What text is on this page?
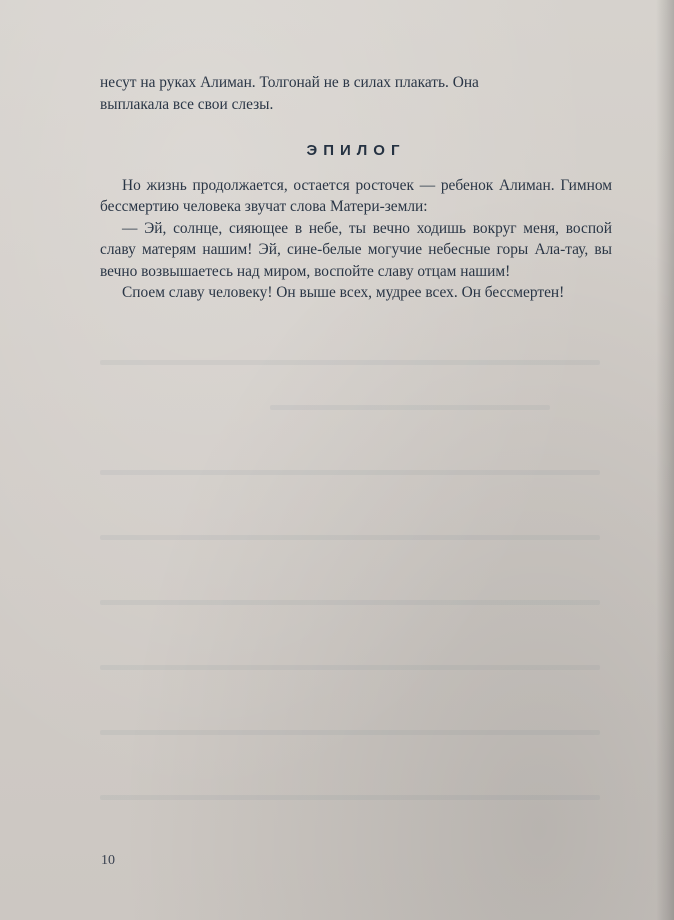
несут на руках Алиман. Толгонай не в силах плакать. Она
выплакала все свои слезы.

ЭПИЛОГ

Но жизнь продолжается, остается росточек — ребенок Алиман. Гимном бессмертию человека звучат слова Матери-земли:

— Эй, солнце, сияющее в небе, ты вечно ходишь вокруг меня, воспой славу матерям нашим! Эй, сине-белые могучие небесные горы Ала-тау, вы вечно возвышаетесь над миром, воспойте славу отцам нашим!

Споем славу человеку! Он выше всех, мудрее всех. Он бессмертен!

10
